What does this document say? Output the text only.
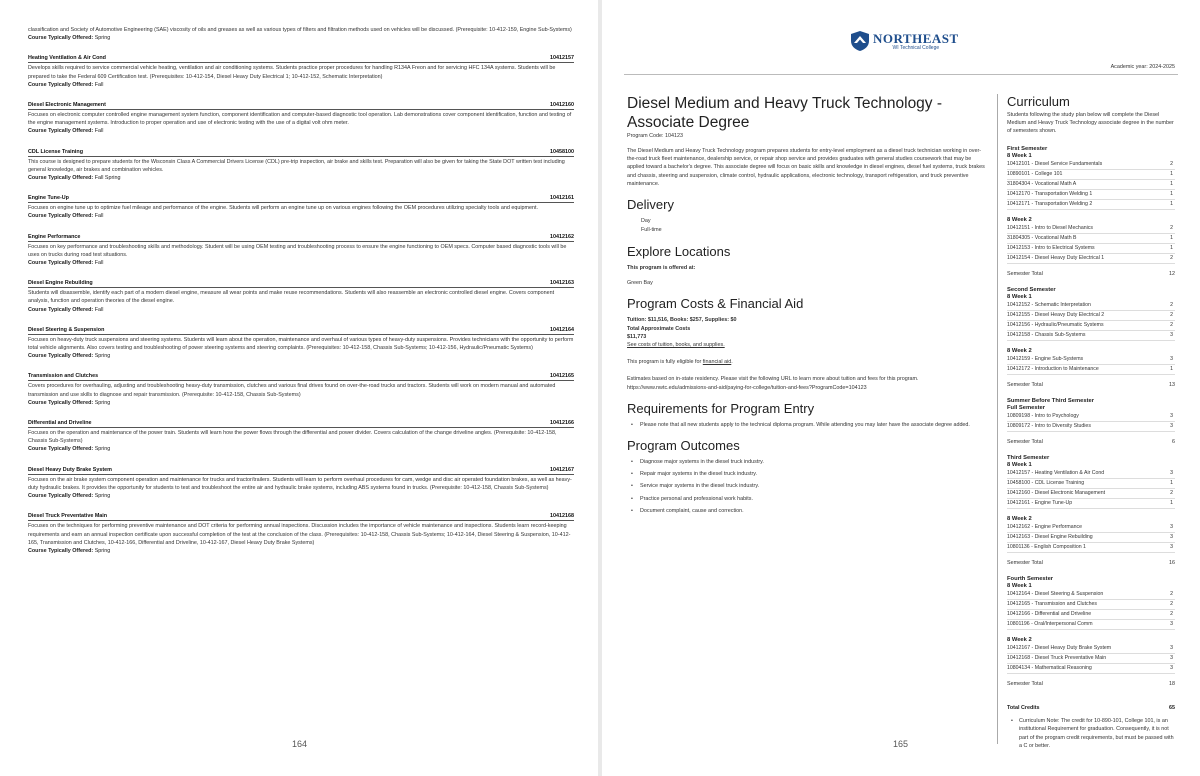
classification and Society of Automotive Engineering (SAE) viscosity of oils and greases as well as various types of filters and filtration methods used on vehicles will be discussed. (Prerequisite: 10-412-159, Engine Sub-Systems)
Course Typically Offered: Spring
Heating Ventilation & Air Cond	10412157
Develops skills required to service commercial vehicle heating, ventilation and air conditioning systems. Students practice proper procedures for handling R134A Freon and for servicing HFC 134A systems. Students will be prepared to take the Federal 609 Certification test. (Prerequisites: 10-412-154, Diesel Heavy Duty Electrical 1; 10-412-152, Schematic Interpretation)
Course Typically Offered: Fall
Diesel Electronic Management	10412160
Focuses on electronic computer controlled engine management system function, component identification and computer-based diagnostic tool operation. Lab demonstrations cover component identification, function and testing of the engine management systems. Introduction to proper operation and use of electronic testing with the use of a digital volt ohm meter.
Course Typically Offered: Fall
CDL License Training	10458100
This course is designed to prepare students for the Wisconsin Class A Commercial Drivers License (CDL) pre-trip inspection, air brake and skills test. Preparation will also be given for taking the State DOT written test including general knowledge, air brakes and combination vehicles.
Course Typically Offered: Fall Spring
Engine Tune-Up	10412161
Focuses on engine tune up to optimize fuel mileage and performance of the engine. Students will perform an engine tune up on various engines following the OEM procedures utilizing specialty tools and equipment.
Course Typically Offered: Fall
Engine Performance	10412162
Focuses on key performance and troubleshooting skills and methodology. Student will be using OEM testing and troubleshooting process to ensure the engine functioning to OEM specs. Computer based diagnostic tools will be uses on trucks during road test situations.
Course Typically Offered: Fall
Diesel Engine Rebuilding	10412163
Students will disassemble, identify each part of a modern diesel engine, measure all wear points and make reuse recommendations. Students will also reassemble an electronic controlled diesel engine. Covers component analysis, function and operation theories of the diesel engine.
Course Typically Offered: Fall
Diesel Steering & Suspension	10412164
Focuses on heavy-duty truck suspensions and steering systems. Students will learn about the operation, maintenance and overhaul of various types of heavy-duty suspensions. Provides technicians with the opportunity to perform total vehicle alignments. Also covers testing and troubleshooting of power steering systems and steering complaints. (Prerequisites: 10-412-158, Chassis Sub-Systems; 10-412-156, Hydraulic/Pneumatic Systems)
Course Typically Offered: Spring
Transmission and Clutches	10412165
Covers procedures for overhauling, adjusting and troubleshooting heavy-duty transmission, clutches and various final drives found on over-the-road trucks and tractors. Students will work on modern manual and automated transmission and use skills to diagnose and repair transmission. (Prerequisite: 10-412-158, Chassis Sub-Systems)
Course Typically Offered: Spring
Differential and Driveline	10412166
Focuses on the operation and maintenance of the power train. Students will learn how the power flows through the differential and power divider. Covers calculation of the change driveline angles. (Prerequisite: 10-412-158, Chassis Sub-Systems)
Course Typically Offered: Spring
Diesel Heavy Duty Brake System	10412167
Focuses on the air brake system component operation and maintenance for trucks and tractor/trailers. Students will learn to perform overhaul procedures for cam, wedge and disc air operated foundation brakes, as well as heavy-duty hydraulic brakes. It provides the opportunity for students to test and troubleshoot the entire air and hydraulic brake systems, including ABS systems found in trucks. (Prerequisite: 10-412-158, Chassis Sub-Systems)
Course Typically Offered: Spring
Diesel Truck Preventative Main	10412168
Focuses on the techniques for performing preventive maintenance and DOT criteria for performing annual inspections. Discussion includes the importance of vehicle maintenance and inspections. Students learn record-keeping requirements and earn an annual inspection certificate upon successful completion of the test at the conclusion of the class. (Prerequisites: 10-412-158, Chassis Sub-Systems; 10-412-164, Diesel Steering & Suspension, 10-412-165, Transmission and Clutches, 10-412-166, Differential and Driveline, 10-412-167, Diesel Heavy Duty Brake Systems)
Course Typically Offered: Spring
164
NORTHEAST
WI Technical College
Academic year: 2024-2025
Diesel Medium and Heavy Truck Technology - Associate Degree
Program Code: 104123
The Diesel Medium and Heavy Truck Technology program prepares students for entry-level employment as a diesel truck technician working in over-the-road truck fleet maintenance, dealership service, or repair shop service and provides graduates with general studies coursework that may be applied toward a bachelor's degree. This associate degree will focus on basic skills and knowledge in diesel engines, diesel fuel systems, truck brakes and chassis, steering and suspension, climate control, hydraulic applications, electronic technology, transport refrigeration, and truck preventive maintenance.
Delivery
Day
Full-time
Explore Locations
This program is offered at:
Green Bay
Program Costs & Financial Aid
Tuition: $11,516, Books: $257, Supplies: $0
Total Approximate Costs
$11,773
See costs of tuition, books, and supplies.
This program is fully eligible for financial aid.
Estimates based on in-state residency. Please visit the following URL to learn more about tuition and fees for this program.
https://www.nwtc.edu/admissions-and-aid/paying-for-college/tuition-and-fees?ProgramCode=104123
Requirements for Program Entry
• Please note that all new students apply to the technical diploma program. While attending you may later have the associate degree added.
Program Outcomes
• Diagnose major systems in the diesel truck industry.
• Repair major systems in the diesel truck industry.
• Service major systems in the diesel truck industry.
• Practice personal and professional work habits.
• Document complaint, cause and correction.
Curriculum
Students following the study plan below will complete the Diesel Medium and Heavy Truck Technology associate degree in the number of semesters shown.
First Semester
8 Week 1
10412101 - Diesel Service Fundamentals	2
10890101 - College 101	1
31804304 - Vocational Math A	1
10412170 - Transportation Welding 1	1
10412171 - Transportation Welding 2	1
8 Week 2
10412151 - Intro to Diesel Mechanics	2
31804305 - Vocational Math B	1
10412153 - Intro to Electrical Systems	1
10412154 - Diesel Heavy Duty Electrical 1	2
Semester Total	12
Second Semester
8 Week 1
10412152 - Schematic Interpretation	2
10412155 - Diesel Heavy Duty Electrical 2	2
10412156 - Hydraulic/Pneumatic Systems	2
10412158 - Chassis Sub-Systems	3
8 Week 2
10412159 - Engine Sub-Systems	3
10412172 - Introduction to Maintenance	1
Semester Total	13
Summer Before Third Semester
Full Semester
10809198 - Intro to Psychology	3
10809172 - Intro to Diversity Studies	3
Semester Total	6
Third Semester
8 Week 1
10412157 - Heating Ventilation & Air Cond	3
10458100 - CDL License Training	1
10412160 - Diesel Electronic Management	2
10412161 - Engine Tune-Up	1
8 Week 2
10412162 - Engine Performance	3
10412163 - Diesel Engine Rebuilding	3
10801136 - English Composition 1	3
Semester Total	16
Fourth Semester
8 Week 1
10412164 - Diesel Steering & Suspension	2
10412165 - Transmission and Clutches	2
10412166 - Differential and Driveline	2
10801196 - Oral/Interpersonal Comm	3
8 Week 2
10412167 - Diesel Heavy Duty Brake System	3
10412168 - Diesel Truck Preventative Main	3
10804134 - Mathematical Reasoning	3
Semester Total	18
Total Credits	65
• Curriculum Note: The credit for 10-890-101, College 101, is an institutional Requirement for graduation. Consequently, it is not part of the program credit requirements, but must be passed with a C or better.
165
